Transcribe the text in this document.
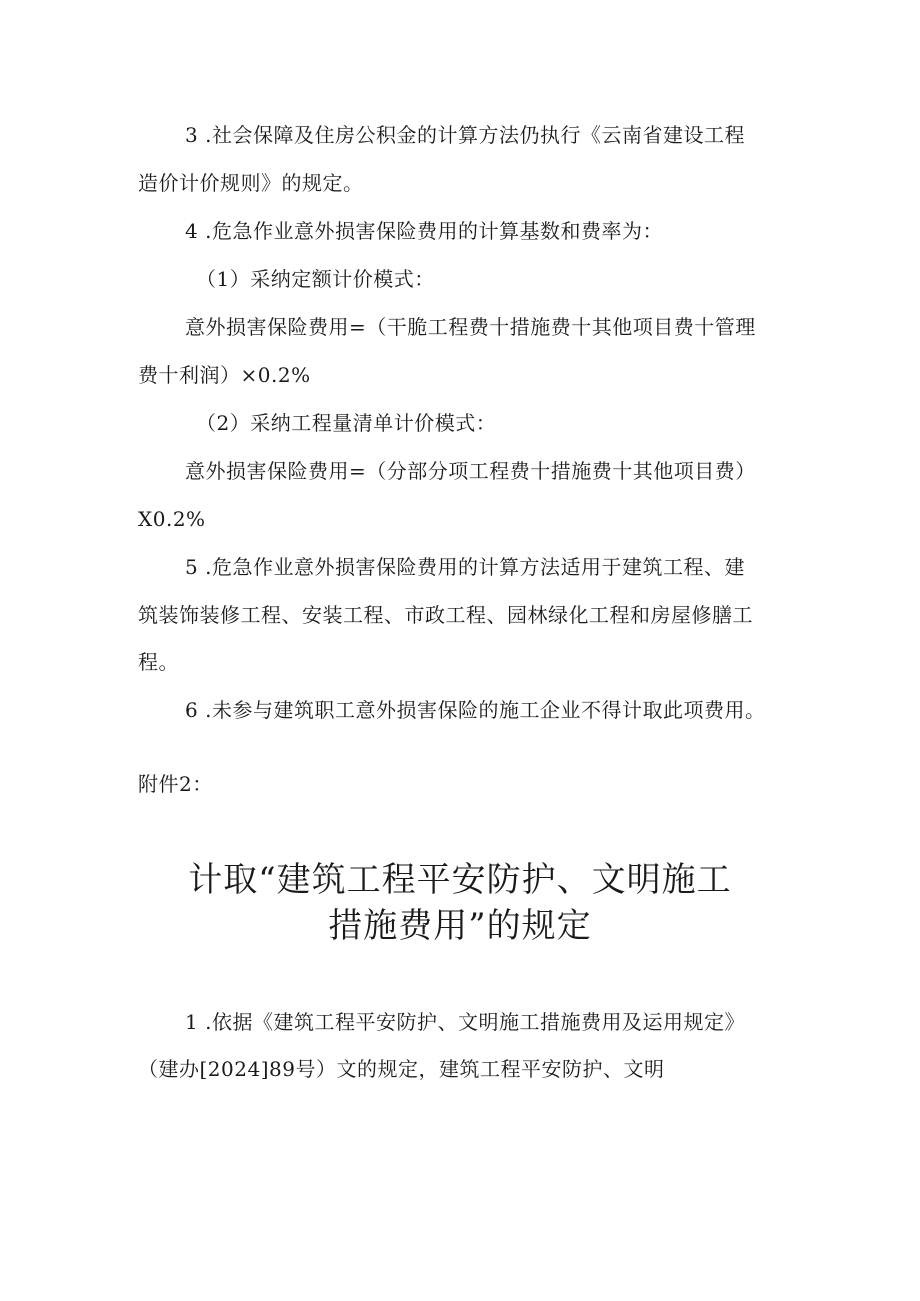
3 .社会保障及住房公积金的计算方法仍执行《云南省建设工程
造价计价规则》的规定。
4 .危急作业意外损害保险费用的计算基数和费率为：
（1）采纳定额计价模式：
意外损害保险费用=（干脆工程费十措施费十其他项目费十管理
费十利润）×0.2%
（2）采纳工程量清单计价模式：
意外损害保险费用=（分部分项工程费十措施费十其他项目费）
X0.2%
5 .危急作业意外损害保险费用的计算方法适用于建筑工程、建
筑装饰装修工程、安装工程、市政工程、园林绿化工程和房屋修膳工
程。
6 .未参与建筑职工意外损害保险的施工企业不得计取此项费用。
附件2：
计取“建筑工程平安防护、文明施工
措施费用”的规定
1 .依据《建筑工程平安防护、文明施工措施费用及运用规定》
（建办[2024]89号）文的规定，建筑工程平安防护、文明
